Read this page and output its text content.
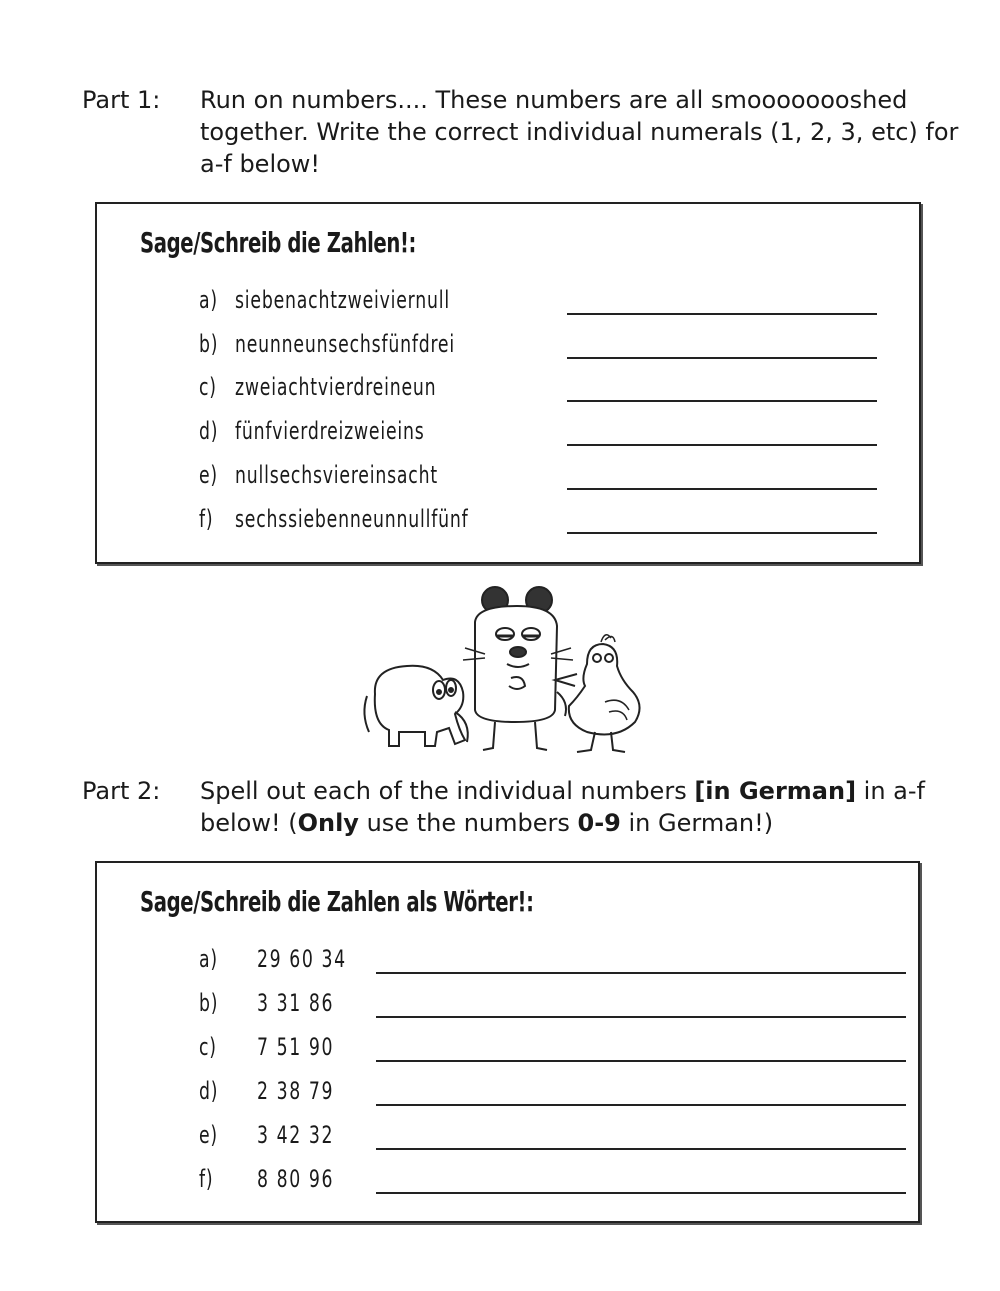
Part 1: Run on numbers.... These numbers are all smoooooooshed together. Write the correct individual numerals (1, 2, 3, etc) for a-f below!
Sage/Schreib die Zahlen!:
a) siebenachtzweiviernull
b) neunneunsechsfünfdrei
c) zweiachtvierdreineun
d) fünfvierdreizweieins
e) nullsechsviereinsacht
f) sechssiebenneunnullfünf
Part 2: Spell out each of the individual numbers [in German] in a-f below! (Only use the numbers 0-9 in German!)
Sage/Schreib die Zahlen als Wörter!:
a) 29 60 34
b) 3 31 86
c) 7 51 90
d) 2 38 79
e) 3 42 32
f) 8 80 96
